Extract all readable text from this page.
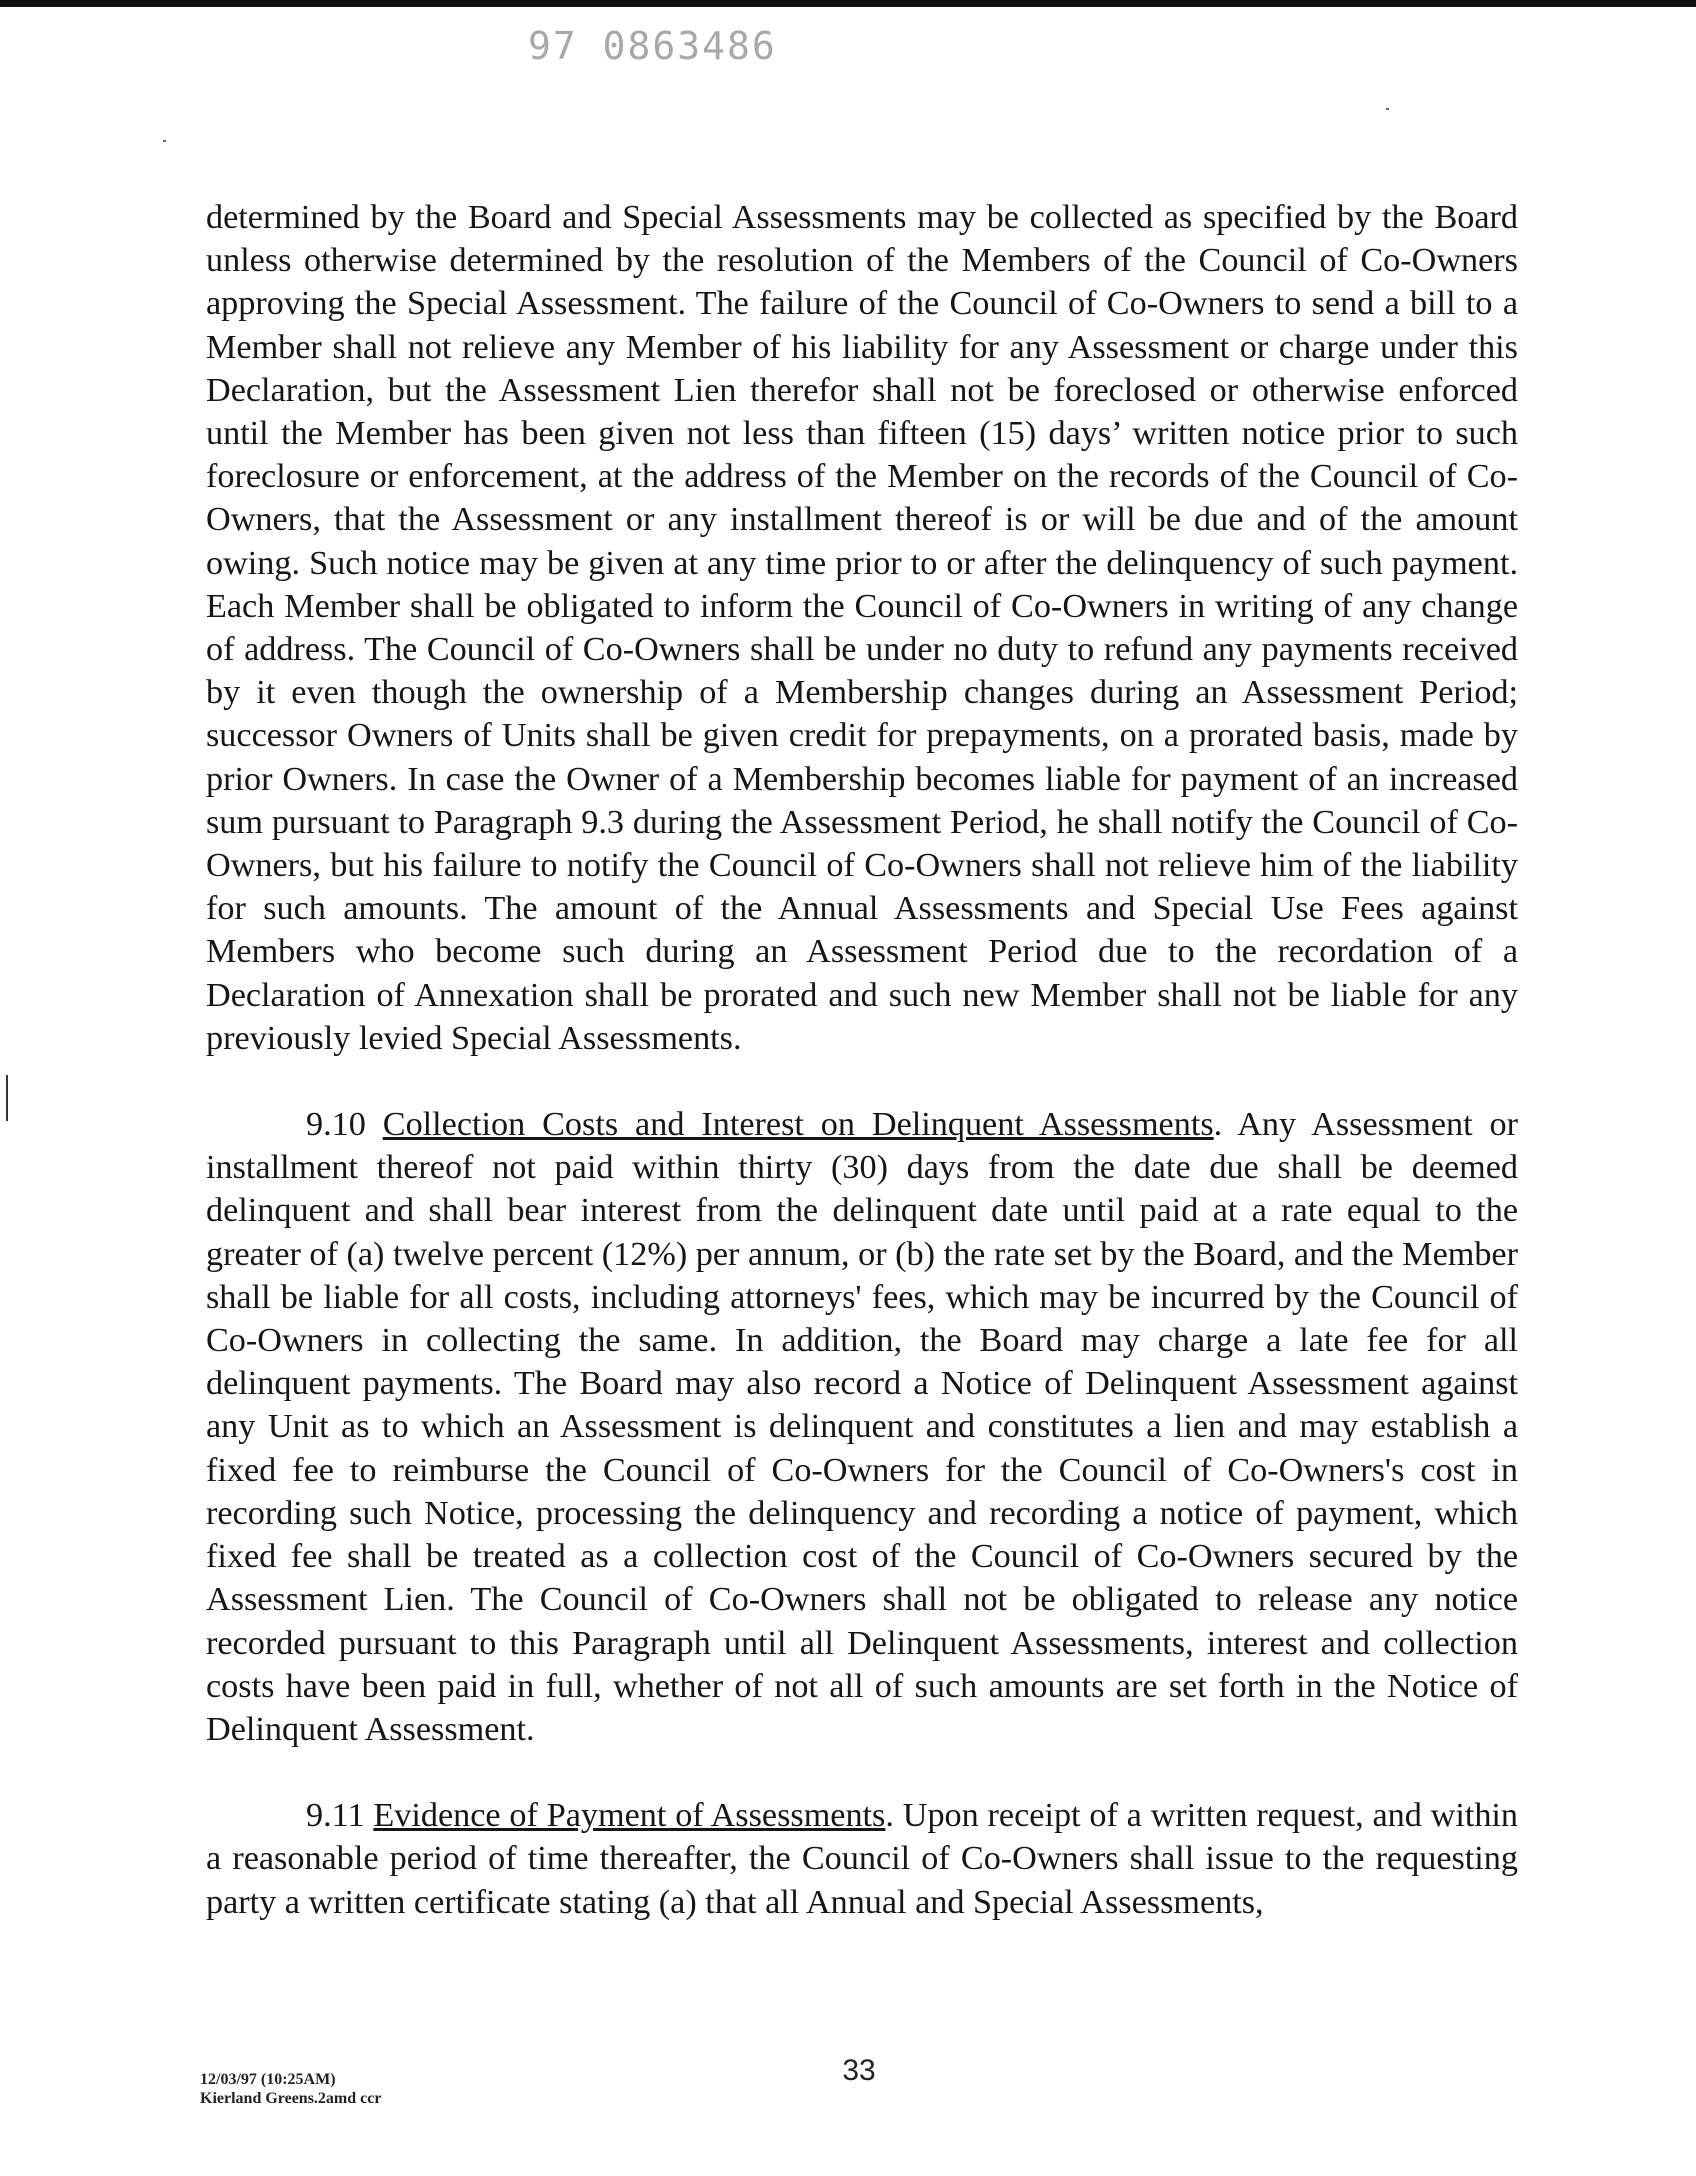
97 0863486

determined by the Board and Special Assessments may be collected as specified by the Board unless otherwise determined by the resolution of the Members of the Council of Co-Owners approving the Special Assessment. The failure of the Council of Co-Owners to send a bill to a Member shall not relieve any Member of his liability for any Assessment or charge under this Declaration, but the Assessment Lien therefor shall not be foreclosed or otherwise enforced until the Member has been given not less than fifteen (15) days’ written notice prior to such foreclosure or enforcement, at the address of the Member on the records of the Council of Co-Owners, that the Assessment or any installment thereof is or will be due and of the amount owing. Such notice may be given at any time prior to or after the delinquency of such payment. Each Member shall be obligated to inform the Council of Co-Owners in writing of any change of address. The Council of Co-Owners shall be under no duty to refund any payments received by it even though the ownership of a Membership changes during an Assessment Period; successor Owners of Units shall be given credit for prepayments, on a prorated basis, made by prior Owners. In case the Owner of a Membership becomes liable for payment of an increased sum pursuant to Paragraph 9.3 during the Assessment Period, he shall notify the Council of Co-Owners, but his failure to notify the Council of Co-Owners shall not relieve him of the liability for such amounts. The amount of the Annual Assessments and Special Use Fees against Members who become such during an Assessment Period due to the recordation of a Declaration of Annexation shall be prorated and such new Member shall not be liable for any previously levied Special Assessments.

9.10 Collection Costs and Interest on Delinquent Assessments. Any Assessment or installment thereof not paid within thirty (30) days from the date due shall be deemed delinquent and shall bear interest from the delinquent date until paid at a rate equal to the greater of (a) twelve percent (12%) per annum, or (b) the rate set by the Board, and the Member shall be liable for all costs, including attorneys' fees, which may be incurred by the Council of Co-Owners in collecting the same. In addition, the Board may charge a late fee for all delinquent payments. The Board may also record a Notice of Delinquent Assessment against any Unit as to which an Assessment is delinquent and constitutes a lien and may establish a fixed fee to reimburse the Council of Co-Owners for the Council of Co-Owners's cost in recording such Notice, processing the delinquency and recording a notice of payment, which fixed fee shall be treated as a collection cost of the Council of Co-Owners secured by the Assessment Lien. The Council of Co-Owners shall not be obligated to release any notice recorded pursuant to this Paragraph until all Delinquent Assessments, interest and collection costs have been paid in full, whether of not all of such amounts are set forth in the Notice of Delinquent Assessment.

9.11 Evidence of Payment of Assessments. Upon receipt of a written request, and within a reasonable period of time thereafter, the Council of Co-Owners shall issue to the requesting party a written certificate stating (a) that all Annual and Special Assessments,

12/03/97 (10:25AM)
Kierland Greens.2amd ccr
33
